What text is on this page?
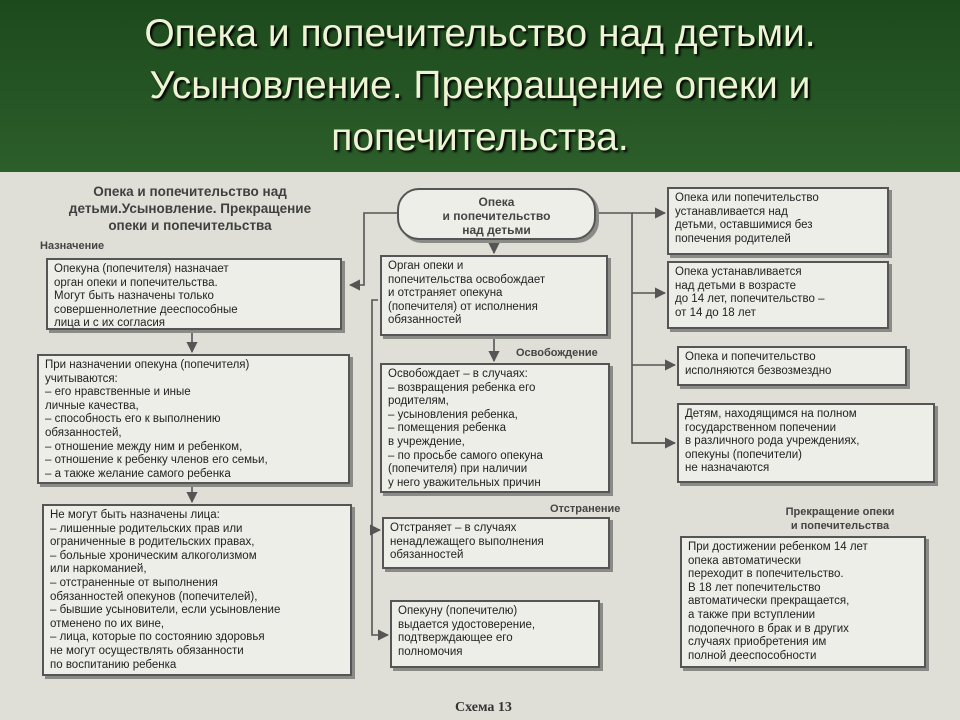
Опека и попечительство над детьми.
Усыновление. Прекращение опеки и
попечительства.
Опека и попечительство над
детьми.Усыновление. Прекращение
опеки и попечительства
Назначение
Опека
и попечительство
над детьми
Опекуна (попечителя) назначает
орган опеки и попечительства.
Могут быть назначены только
совершеннолетние дееспособные
лица и с их согласия
При назначении опекуна (попечителя)
учитываются:
– его нравственные и иные
личные качества,
– способность его к выполнению
обязанностей,
– отношение между ним и ребенком,
– отношение к ребенку членов его семьи,
– а также желание самого ребенка
Не могут быть назначены лица:
– лишенные родительских прав или
ограниченные в родительских правах,
– больные хроническим алкоголизмом
или наркоманией,
– отстраненные от выполнения
обязанностей опекунов (попечителей),
– бывшие усыновители, если усыновление
отменено по их вине,
– лица, которые по состоянию здоровья
не могут осуществлять обязанности
по воспитанию ребенка
Орган опеки и
попечительства освобождает
и отстраняет опекуна
(попечителя) от исполнения
обязанностей
Освобождение
Освобождает – в случаях:
– возвращения ребенка его
родителям,
– усыновления ребенка,
– помещения ребенка
в учреждение,
– по просьбе самого опекуна
(попечителя) при наличии
у него уважительных причин
Отстранение
Отстраняет – в случаях
ненадлежащего выполнения
обязанностей
Опекуну (попечителю)
выдается удостоверение,
подтверждающее его
полномочия
Опека или попечительство
устанавливается над
детьми, оставшимися без
попечения родителей
Опека устанавливается
над детьми в возрасте
до 14 лет, попечительство –
от 14 до 18 лет
Опека и попечительство
исполняются безвозмездно
Детям, находящимся на полном
государственном попечении
в различного рода учреждениях,
опекуны (попечители)
не назначаются
Прекращение опеки
и попечительства
При достижении ребенком 14 лет
опека автоматически
переходит в попечительство.
В 18 лет попечительство
автоматически прекращается,
а также при вступлении
подопечного в брак и в других
случаях приобретения им
полной дееспособности
Схема 13
